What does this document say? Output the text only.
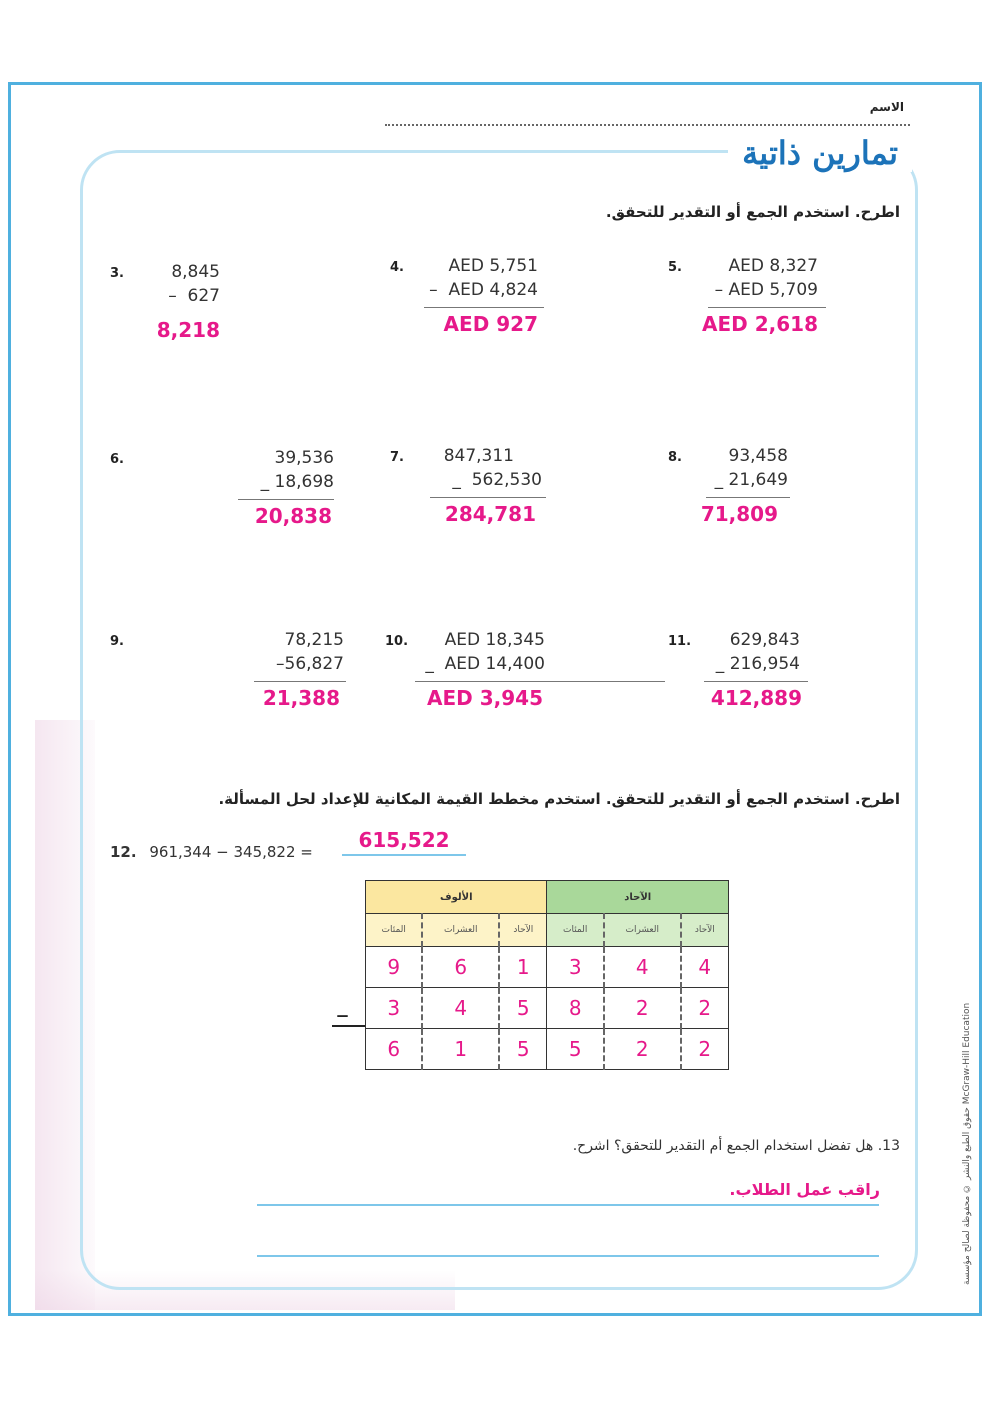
الاسم
تمارين ذاتية
اطرح. استخدم الجمع أو التقدير للتحقق.
3.	8,845
–  627
8,218
4.	AED 5,751
–  AED 4,824
AED 927
5.	AED 8,327
– AED 5,709
AED 2,618
6.	39,536
_ 18,698
20,838
7. 847,311
_  562,530
284,781
8.	93,458
_ 21,649
71,809
9.	78,215
–56,827
21,388
10. AED 18,345
_  AED 14,400
AED 3,945
11. 629,843
_ 216,954
412,889
اطرح. استخدم الجمع أو التقدير للتحقق. استخدم مخطط القيمة المكانية للإعداد لحل المسألة.
12. 961,344 − 345,822 =	615,522
الألوف			الآحاد		
المئات	العشرات	الآحاد	المئات	العشرات	الآحاد
9	6	1	3	4	4
3	4	5	8	2	2
6	1	5	5	2	2
–
13. هل تفضل استخدام الجمع أم التقدير للتحقق؟ اشرح.
راقب عمل الطلاب.	حقوق الطبع والنشر © محفوظة لصالح مؤسسة McGraw-Hill Education
